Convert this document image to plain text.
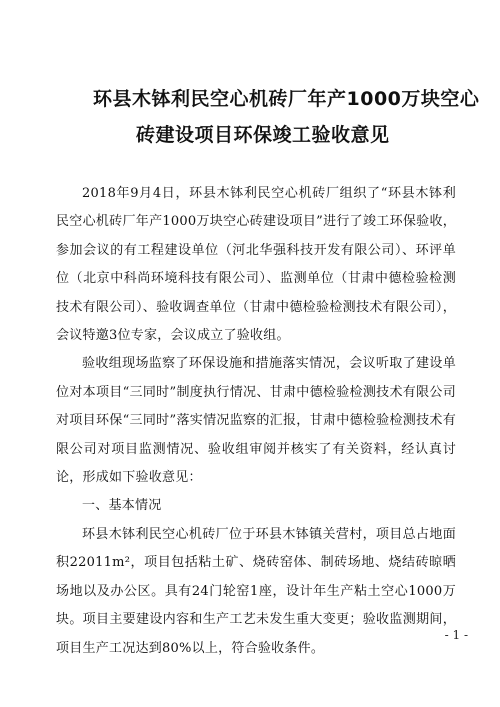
环县木钵利民空心机砖厂年产1000万块空心
砖建设项目环保竣工验收意见

2018年9月4日，环县木钵利民空心机砖厂组织了“环县木钵利民空心机砖厂年产1000万块空心砖建设项目”进行了竣工环保验收，参加会议的有工程建设单位（河北华强科技开发有限公司）、环评单位（北京中科尚环境科技有限公司）、监测单位（甘肃中德检验检测技术有限公司）、验收调查单位（甘肃中德检验检测技术有限公司），会议特邀3位专家，会议成立了验收组。

验收组现场监察了环保设施和措施落实情况，会议听取了建设单位对本项目“三同时”制度执行情况、甘肃中德检验检测技术有限公司对项目环保“三同时”落实情况监察的汇报，甘肃中德检验检测技术有限公司对项目监测情况、验收组审阅并核实了有关资料，经认真讨论，形成如下验收意见：

一、基本情况

环县木钵利民空心机砖厂位于环县木钵镇关营村，项目总占地面积22011m²，项目包括粘土矿、烧砖窑体、制砖场地、烧结砖晾晒场地以及办公区。具有24门轮窑1座，设计年生产粘土空心1000万块。项目主要建设内容和生产工艺未发生重大变更；验收监测期间，项目生产工况达到80%以上，符合验收条件。

- 1 -
